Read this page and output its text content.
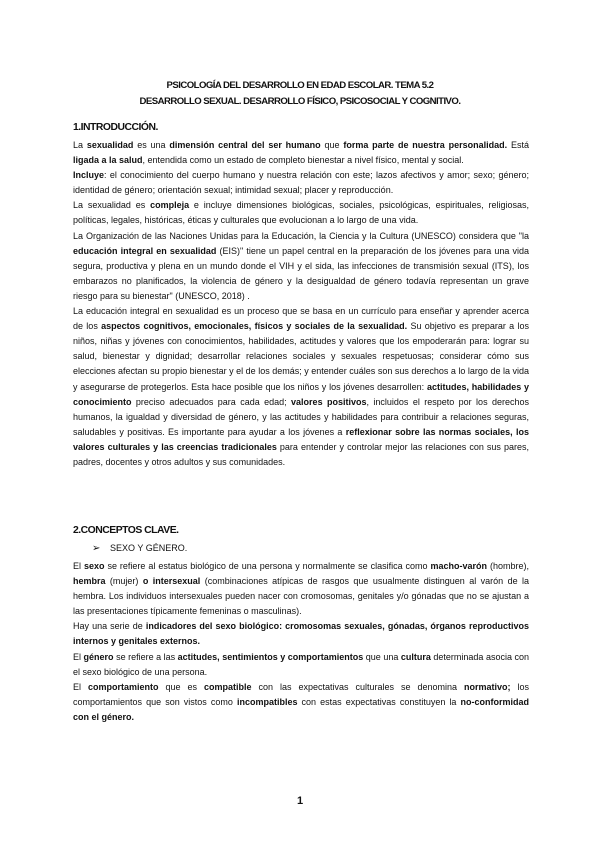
PSICOLOGÍA DEL DESARROLLO EN EDAD ESCOLAR. TEMA 5.2
DESARROLLO SEXUAL. DESARROLLO FÍSICO, PSICOSOCIAL Y COGNITIVO.
1.INTRODUCCIÓN.

La sexualidad es una dimensión central del ser humano que forma parte de nuestra personalidad. Está ligada a la salud, entendida como un estado de completo bienestar a nivel físico, mental y social.

Incluye: el conocimiento del cuerpo humano y nuestra relación con este; lazos afectivos y amor; sexo; género; identidad de género; orientación sexual; intimidad sexual; placer y reproducción.

La sexualidad es compleja e incluye dimensiones biológicas, sociales, psicológicas, espirituales, religiosas, políticas, legales, históricas, éticas y culturales que evolucionan a lo largo de una vida.

La Organización de las Naciones Unidas para la Educación, la Ciencia y la Cultura (UNESCO) considera que "la educación integral en sexualidad (EIS)" tiene un papel central en la preparación de los jóvenes para una vida segura, productiva y plena en un mundo donde el VIH y el sida, las infecciones de transmisión sexual (ITS), los embarazos no planificados, la violencia de género y la desigualdad de género todavía representan un grave riesgo para su bienestar" (UNESCO, 2018) .

La educación integral en sexualidad es un proceso que se basa en un currículo para enseñar y aprender acerca de los aspectos cognitivos, emocionales, físicos y sociales de la sexualidad. Su objetivo es preparar a los niños, niñas y jóvenes con conocimientos, habilidades, actitudes y valores que los empoderarán para: lograr su salud, bienestar y dignidad; desarrollar relaciones sociales y sexuales respetuosas; considerar cómo sus elecciones afectan su propio bienestar y el de los demás; y entender cuáles son sus derechos a lo largo de la vida y asegurarse de protegerlos. Esta hace posible que los niños y los jóvenes desarrollen: actitudes, habilidades y conocimiento preciso adecuados para cada edad; valores positivos, incluidos el respeto por los derechos humanos, la igualdad y diversidad de género, y las actitudes y habilidades para contribuir a relaciones seguras, saludables y positivas. Es importante para ayudar a los jóvenes a reflexionar sobre las normas sociales, los valores culturales y las creencias tradicionales para entender y controlar mejor las relaciones con sus pares, padres, docentes y otros adultos y sus comunidades.

2.CONCEPTOS CLAVE.
➢ SEXO Y GÉNERO.

El sexo se refiere al estatus biológico de una persona y normalmente se clasifica como macho-varón (hombre), hembra (mujer) o intersexual (combinaciones atípicas de rasgos que usualmente distinguen al varón de la hembra. Los individuos intersexuales pueden nacer con cromosomas, genitales y/o gónadas que no se ajustan a las presentaciones típicamente femeninas o masculinas).

Hay una serie de indicadores del sexo biológico: cromosomas sexuales, gónadas, órganos reproductivos internos y genitales externos.

El género se refiere a las actitudes, sentimientos y comportamientos que una cultura determinada asocia con el sexo biológico de una persona.

El comportamiento que es compatible con las expectativas culturales se denomina normativo; los comportamientos que son vistos como incompatibles con estas expectativas constituyen la no-conformidad con el género.

1
